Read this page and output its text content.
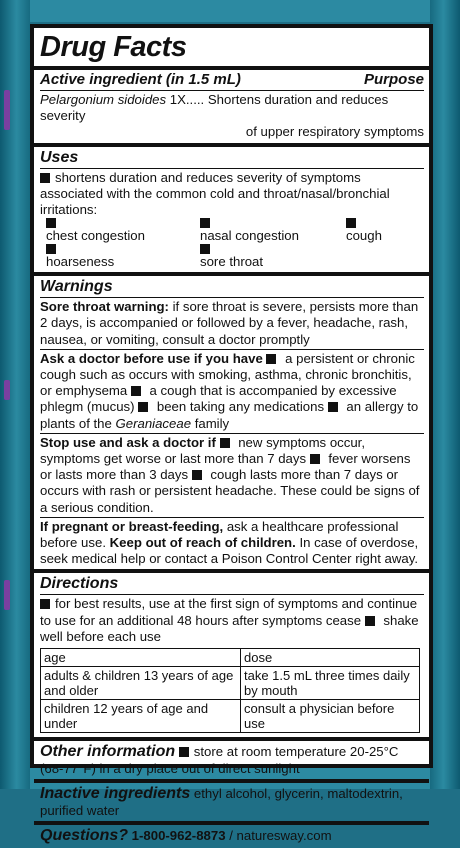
Drug Facts
Active ingredient (in 1.5 mL)	Purpose
Pelargonium sidoides 1X..... Shortens duration and reduces severity
of upper respiratory symptoms
Uses
shortens duration and reduces severity of symptoms associated with the common cold and throat/nasal/bronchial irritations:
chest congestion	nasal congestion	cough
hoarseness	sore throat
Warnings
Sore throat warning: if sore throat is severe, persists more than 2 days, is accompanied or followed by a fever, headache, rash, nausea, or vomiting, consult a doctor promptly
Ask a doctor before use if you have  a persistent or chronic cough such as occurs with smoking, asthma, chronic bronchitis, or emphysema  a cough that is accompanied by excessive phlegm (mucus)  been taking any medications  an allergy to plants of the Geraniaceae family
Stop use and ask a doctor if  new symptoms occur, symptoms get worse or last more than 7 days  fever worsens or lasts more than 3 days  cough lasts more than 7 days or occurs with rash or persistent headache. These could be signs of a serious condition.
If pregnant or breast-feeding, ask a healthcare professional before use. Keep out of reach of children. In case of overdose, seek medical help or contact a Poison Control Center right away.
Directions
for best results, use at the first sign of symptoms and continue to use for an additional 48 hours after symptoms cease  shake well before each use
age	dose
adults & children 13 years of age and older	take 1.5 mL three times daily by mouth
children 12 years of age and under	consult a physician before use
Other information store at room temperature 20-25°C (68-77°F) in a dry place out of direct sunlight
Inactive ingredients ethyl alcohol, glycerin, maltodextrin, purified water
Questions? 1-800-962-8873 / naturesway.com
